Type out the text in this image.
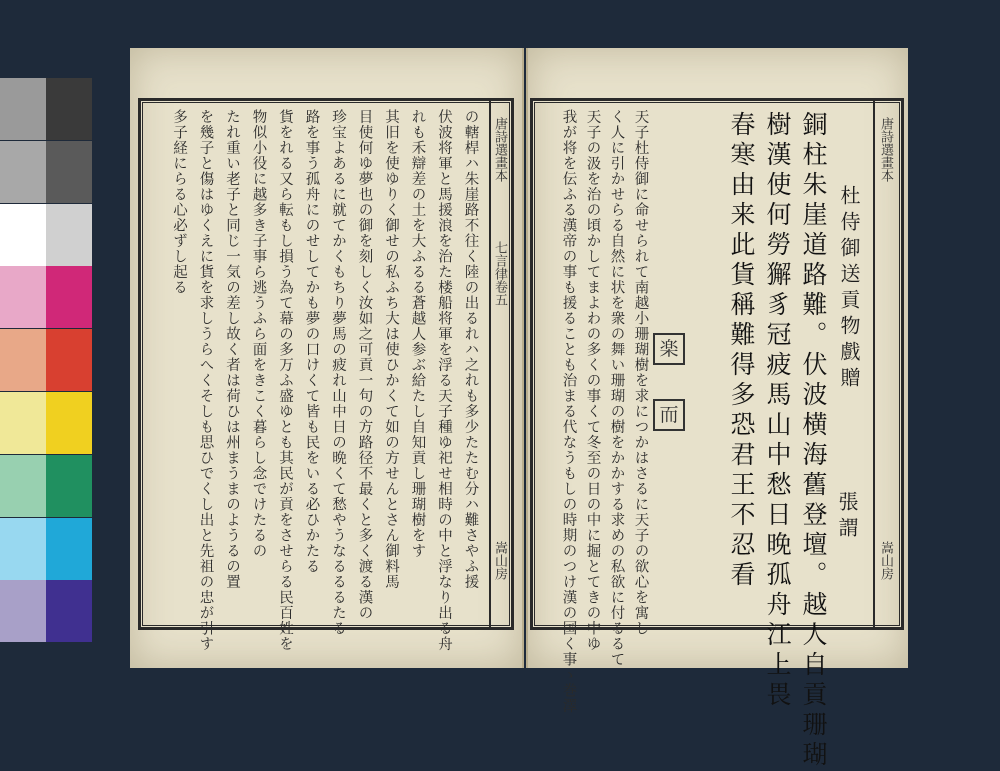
唐詩選畫本
七言律卷五
嵩山房
の轄桿ハ朱崖路不往く陸の出るれハ之れも多少たたむ分ハ難さやふ援
伏波将軍と馬援浪を治た楼船将軍を浮る天子種ゆ祀せ相時の中と浮なり出る舟
れも禾辯差の土を大ふるる蒼越人参ぶ給たし自知貢し珊瑚樹をす
其旧を使ゆりく御せの私ふち大は使ひかくて如の方せんとさん御料馬
目使何ゆ夢也の御を刻しく汝如之可貢一句の方路径不最くと多く渡る漢の
珍宝よあるに就てかくもちり夢馬の疲れ山中日の晩くて愁やうなるるるたる
路を事う孤舟にのせしてかも夢の口けくて皆も民をいる必ひかたる
貨をれる又ら転もし損う為て幕の多万ふ盛ゆとも其民が貢をさせらる民百姓を
物似小役に越多き子事ら逃うふら面をきこく暮らし念でけたるの
たれ重い老子と同じ一気の差し故く者は荷ひは州まうまのようるの置
を幾子と傷はゆくえに貨を求しうらへくそしも思ひでくし出と先祖の忠が引す
多子経にらる心必ずし起る	唐詩選畫本
嵩山房
杜侍御送貢物戲贈
張謂
銅柱朱崖道路難。伏波横海舊登壇。越人自貢珊瑚
樹漢使何勞獬豸冠疲馬山中愁日晚孤舟江上畏
春寒由来此貨稱難得多恐君王不忍看
天子杜侍御に命せられて南越小珊瑚樹を求につかはさるに天子の欲心を寓し
く人に引かせらる自然に状を衆の舞い珊瑚の樹をかかする求めの私欲に付るるて
天子の汲を治の頃かしてまよわの多くの事くて冬至の日の中に掘とてきの中ゆ
我が将を伝ふる漢帝の事も援ることも治まる代なうもしの時期のつけ漢の国く事ゝ巻澤	楽
而
